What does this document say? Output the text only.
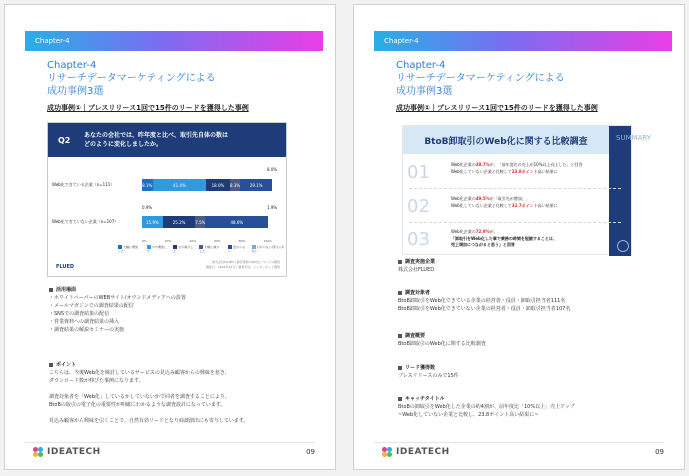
Chapter-4
Chapter-4
リサーチデータマーケティングによる
成功事例3選
成功事例①｜プレスリリース1回で15件のリードを獲得した事例
Q2	あなたの会社では、昨年度と比べ、取引先自体の数は
どのように変化しましたか。
8.0%
Web化できている企業（n=111）	8.1%	41.4%	18.0%	8.3%	29.1%
0.9%	1.9%
Web化できていない企業（n=107）	15.9%	25.2%	7.5%	48.6%
0%	20%	40%	60%	80%	100%
大幅に増加した
やや増加した
やや減少した
大幅に減少した
変わらない
わからない/答えられない
FLUED
株式会社FLUED | 卸売業界のDX化についての調査
調査日：2022年11月 | 調査手法：インターネット調査
活用場面
・ホワイトペーパーのWEBサイト/オウンドメディアへの設置
・メールマガジンでの調査結果の配信
・SNSでの調査結果の配信
・営業資料への調査結果の挿入
・調査結果の解説セミナーの実施
ポイント
こちらは、今後Web化を検討しているサービスの見込み顧客からの興味を惹き、
ダウンロード数が伸びた事例になります。
調査対象者を「Web化」しているかしていないかで同者を調査することにより、
BtoBの取引の電子化の重要性が明確にわかるような調査設計になっています。
見込み顧客から興味を引くことで、自然有効リードとなり商談創出にも寄与しています。
IDEATECH	09
Chapter-4
Chapter-4
リサーチデータマーケティングによる
成功事例3選
成功事例①｜プレスリリース1回で15件のリードを獲得した事例
BtoB卸取引のWeb化に関する比較調査	SUMMARY
01	Web化企業の38.7%が、「前年度比の売上が10%以上向上した」と回答
Web化していない企業と比較して23.8ポイント高い結果に
02	Web化企業の49.5%が「取引先が増加」、
Web化していない企業と比較して32.7ポイント高い結果に
03	Web化企業の72.9%が、
「卸取引をWeb化した事で業務の時間を短縮することは、
売上増加につながると思う」と回答
調査実施企業
株式会社FLUED
調査対象者
BtoB卸取引をWeb化できている企業の経営者・役員・卸取引担当者111名
BtoB卸取引をWeb化できていない企業の経営者・役員・卸取引担当者107名
調査概要
BtoB卸取引のWeb化に関する比較調査
リード獲得数
プレスリリースのみで15件
キャッチタイトル
BtoBの卸取引をWeb化した企業の約4割が、前年度比「10%以上」売上アップ
~Web化していない企業と比較し、23.8ポイント高い結果に~
IDEATECH	09
